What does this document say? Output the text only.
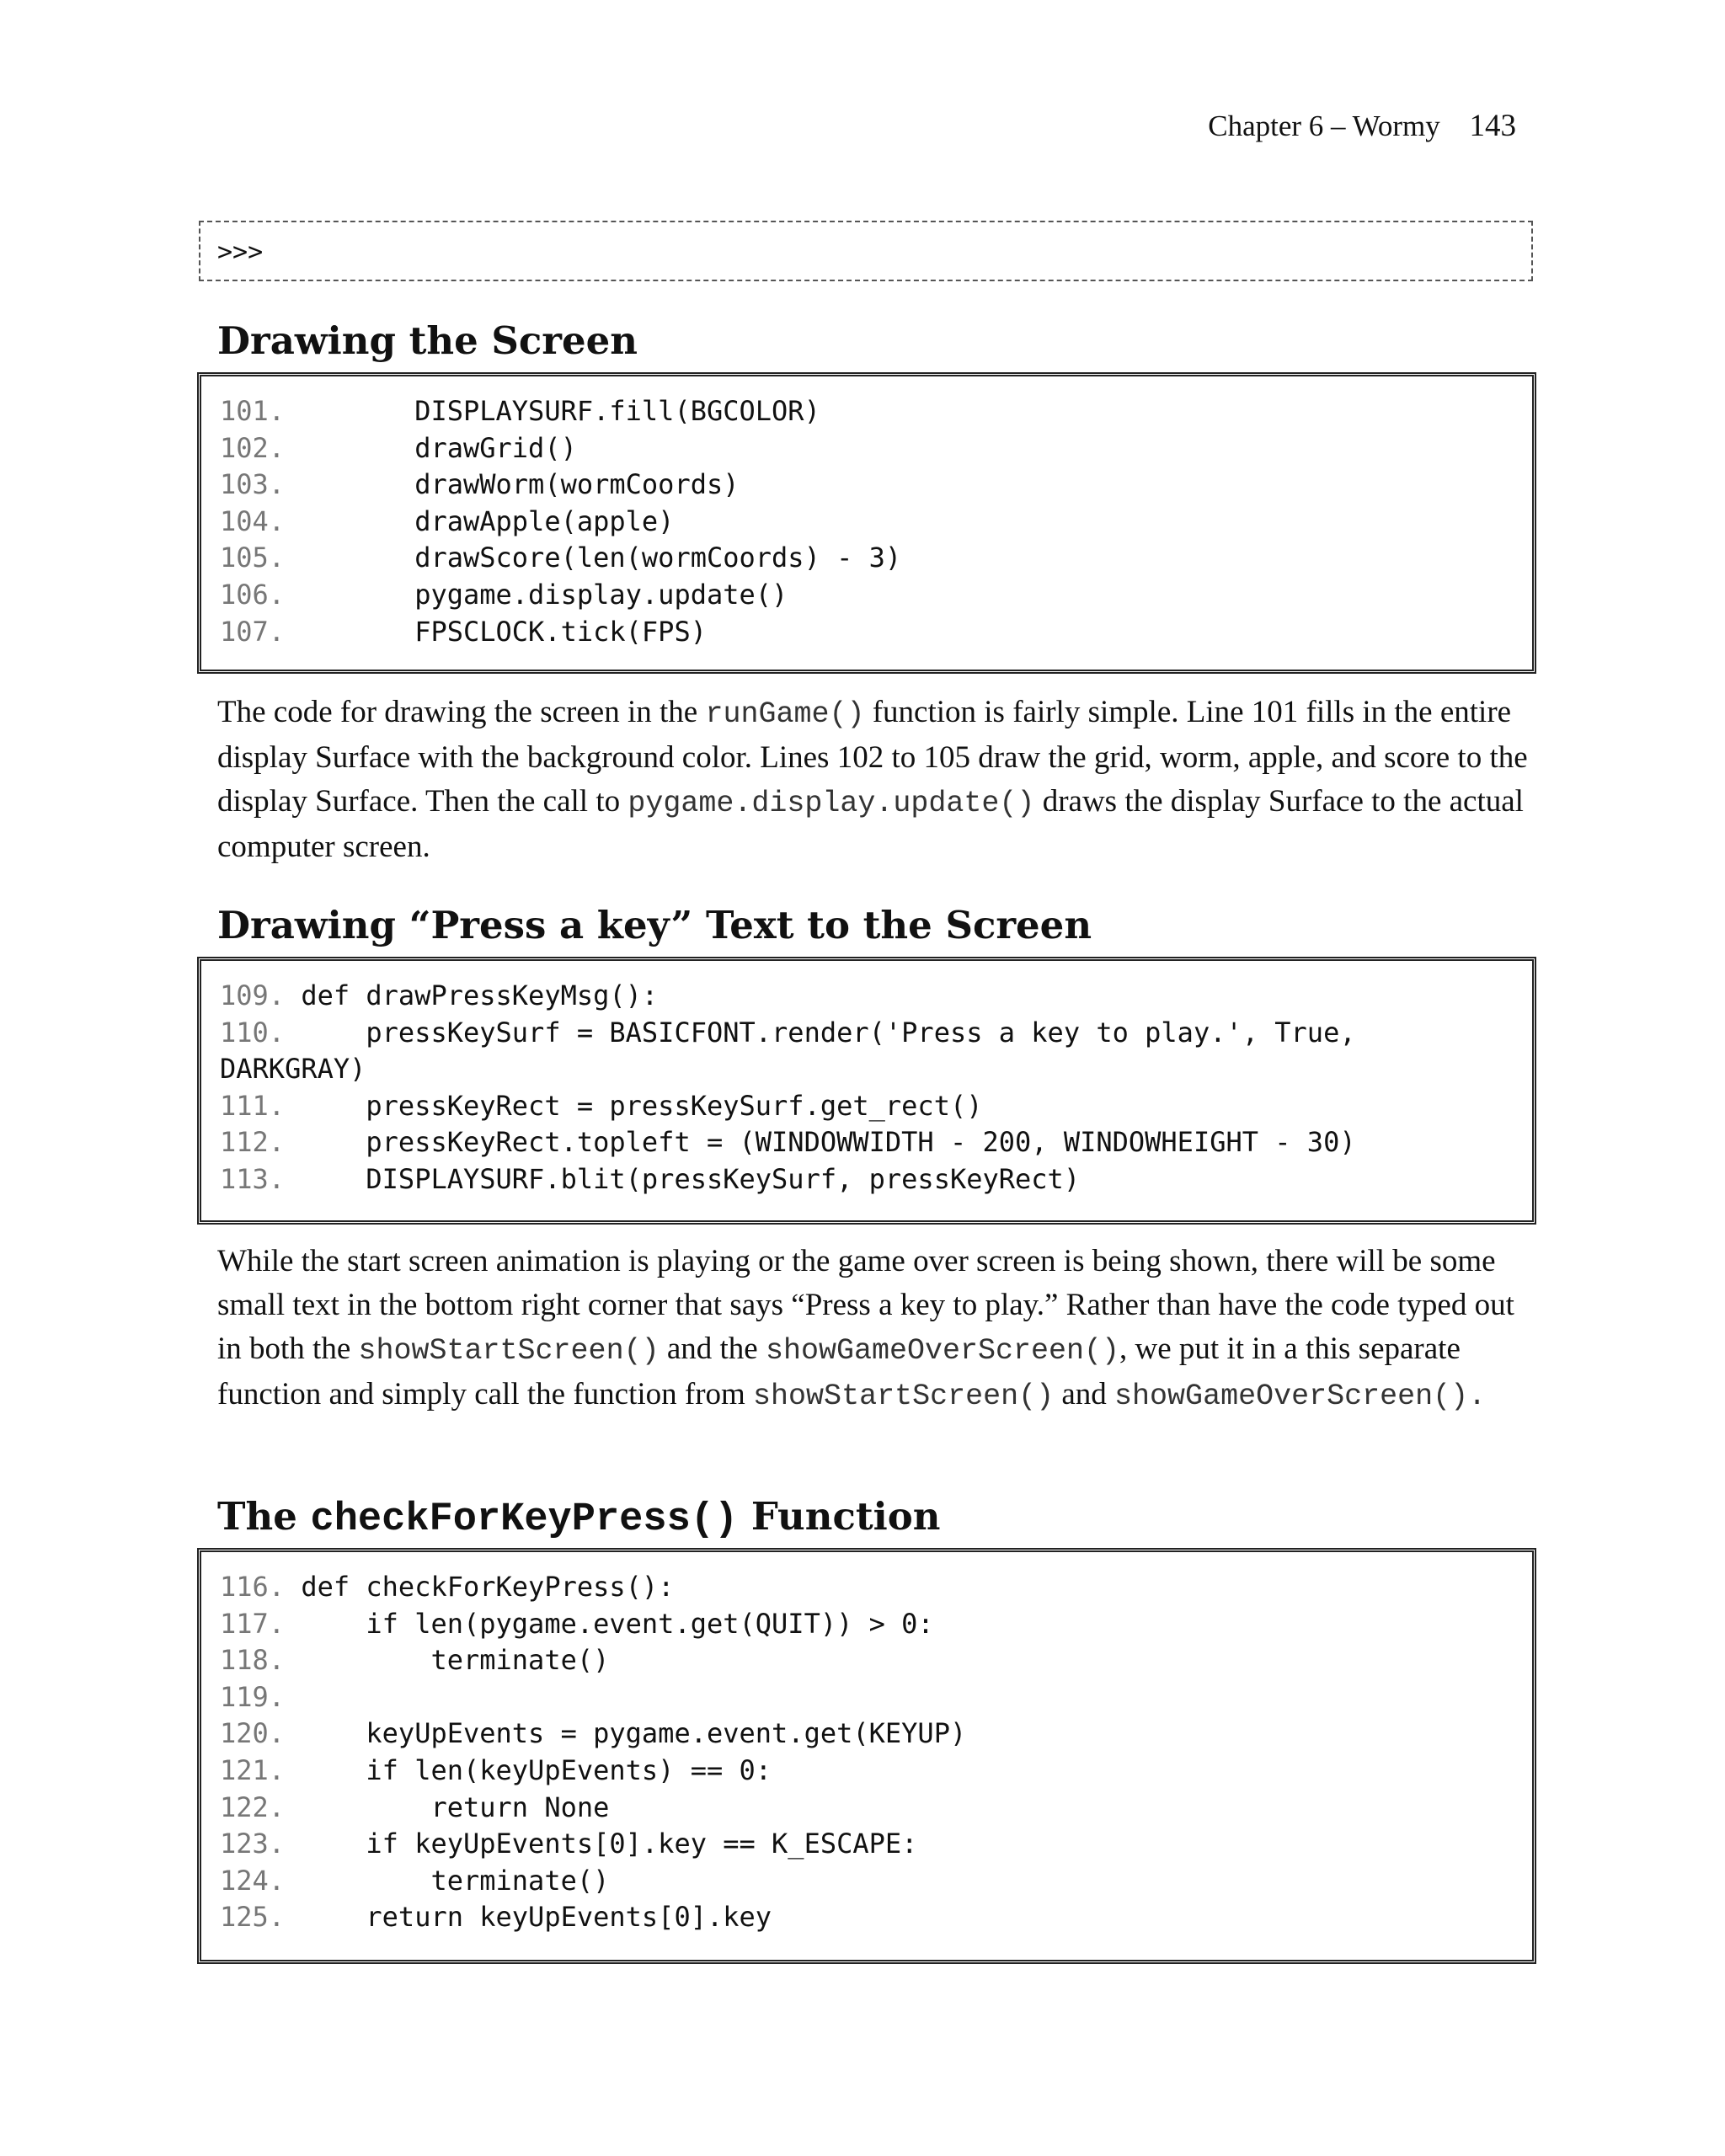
Chapter 6 – Wormy 143
>>>
Drawing the Screen
101.        DISPLAYSURF.fill(BGCOLOR)
102.        drawGrid()
103.        drawWorm(wormCoords)
104.        drawApple(apple)
105.        drawScore(len(wormCoords) - 3)
106.        pygame.display.update()
107.        FPSCLOCK.tick(FPS)

The code for drawing the screen in the runGame() function is fairly simple. Line 101 fills in the entire display Surface with the background color. Lines 102 to 105 draw the grid, worm, apple, and score to the display Surface. Then the call to pygame.display.update() draws the display Surface to the actual computer screen.

Drawing “Press a key” Text to the Screen
109. def drawPressKeyMsg():
110.     pressKeySurf = BASICFONT.render('Press a key to play.', True,
DARKGRAY)
111.     pressKeyRect = pressKeySurf.get_rect()
112.     pressKeyRect.topleft = (WINDOWWIDTH - 200, WINDOWHEIGHT - 30)
113.     DISPLAYSURF.blit(pressKeySurf, pressKeyRect)

While the start screen animation is playing or the game over screen is being shown, there will be some small text in the bottom right corner that says “Press a key to play.” Rather than have the code typed out in both the showStartScreen() and the showGameOverScreen(), we put it in a this separate function and simply call the function from showStartScreen() and showGameOverScreen().

The checkForKeyPress() Function
116. def checkForKeyPress():
117.     if len(pygame.event.get(QUIT)) > 0:
118.         terminate()
119.
120.     keyUpEvents = pygame.event.get(KEYUP)
121.     if len(keyUpEvents) == 0:
122.         return None
123.     if keyUpEvents[0].key == K_ESCAPE:
124.         terminate()
125.     return keyUpEvents[0].key
